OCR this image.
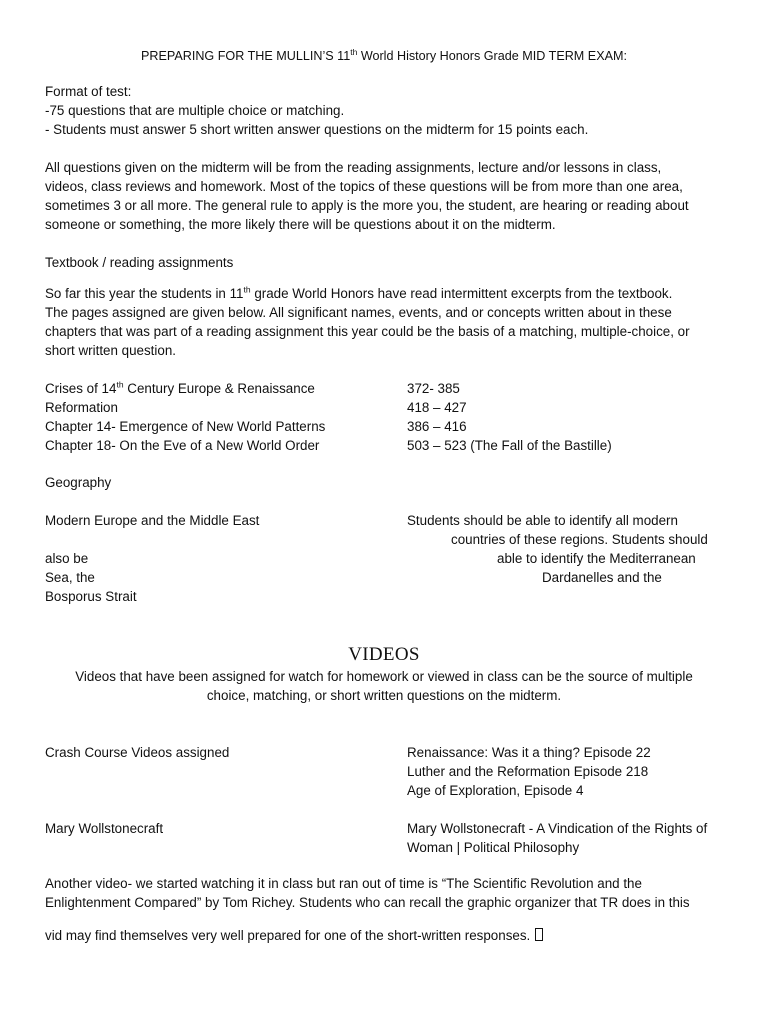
PREPARING FOR THE MULLIN’S 11th World History Honors Grade MID TERM EXAM:
Format of test:
-75 questions that are multiple choice or matching.
- Students must answer 5 short written answer questions on the midterm for 15 points each.
All questions given on the midterm will be from the reading assignments, lecture and/or lessons in class,
videos, class reviews and homework. Most of the topics of these questions will be from more than one area,
sometimes 3 or all more. The general rule to apply is the more you, the student, are hearing or reading about
someone or something, the more likely there will be questions about it on the midterm.
Textbook / reading assignments
So far this year the students in 11th grade World Honors have read intermittent excerpts from the textbook.
The pages assigned are given below. All significant names, events, and or concepts written about in these
chapters that was part of a reading assignment this year could be the basis of a matching, multiple-choice, or
short written question.
Crises of 14th Century Europe & Renaissance	372- 385
Reformation	418 – 427
Chapter 14- Emergence of New World Patterns	386 – 416
Chapter 18- On the Eve of a New World Order	503 – 523 (The Fall of the Bastille)
Geography
Modern Europe and the Middle East	Students should be able to identify all modern
countries of these regions. Students should
also be	able to identify the Mediterranean
Sea, the	Dardanelles and the
Bosporus Strait
VIDEOS
Videos that have been assigned for watch for homework or viewed in class can be the source of multiple
choice, matching, or short written questions on the midterm.
Crash Course Videos assigned	Renaissance: Was it a thing? Episode 22
Luther and the Reformation Episode 218
Age of Exploration, Episode 4
Mary Wollstonecraft	Mary Wollstonecraft - A Vindication of the Rights of
Woman | Political Philosophy
Another video- we started watching it in class but ran out of time is “The Scientific Revolution and the
Enlightenment Compared” by Tom Richey. Students who can recall the graphic organizer that TR does in this
vid may find themselves very well prepared for one of the short-written responses.
